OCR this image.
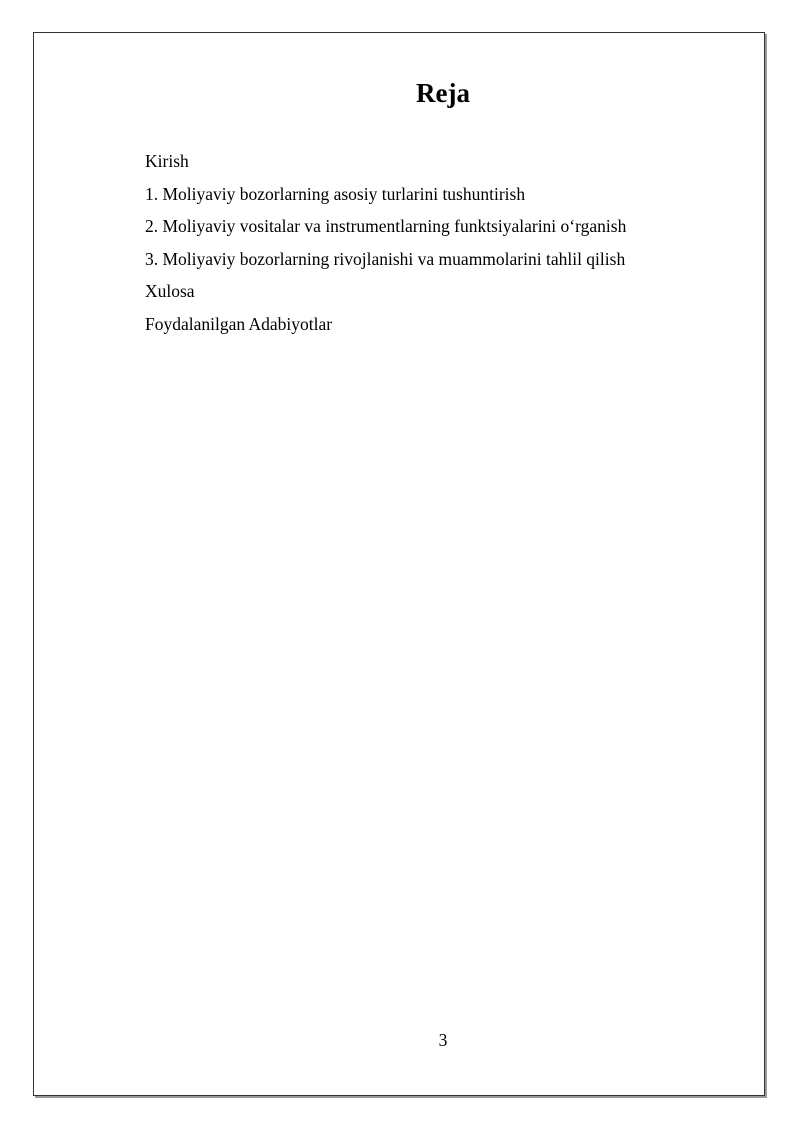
Reja
Kirish
1. Moliyaviy bozorlarning asosiy turlarini tushuntirish
2. Moliyaviy vositalar va instrumentlarning funktsiyalarini o‘rganish
3. Moliyaviy bozorlarning rivojlanishi va muammolarini tahlil qilish
Xulosa
Foydalanilgan Adabiyotlar
3
